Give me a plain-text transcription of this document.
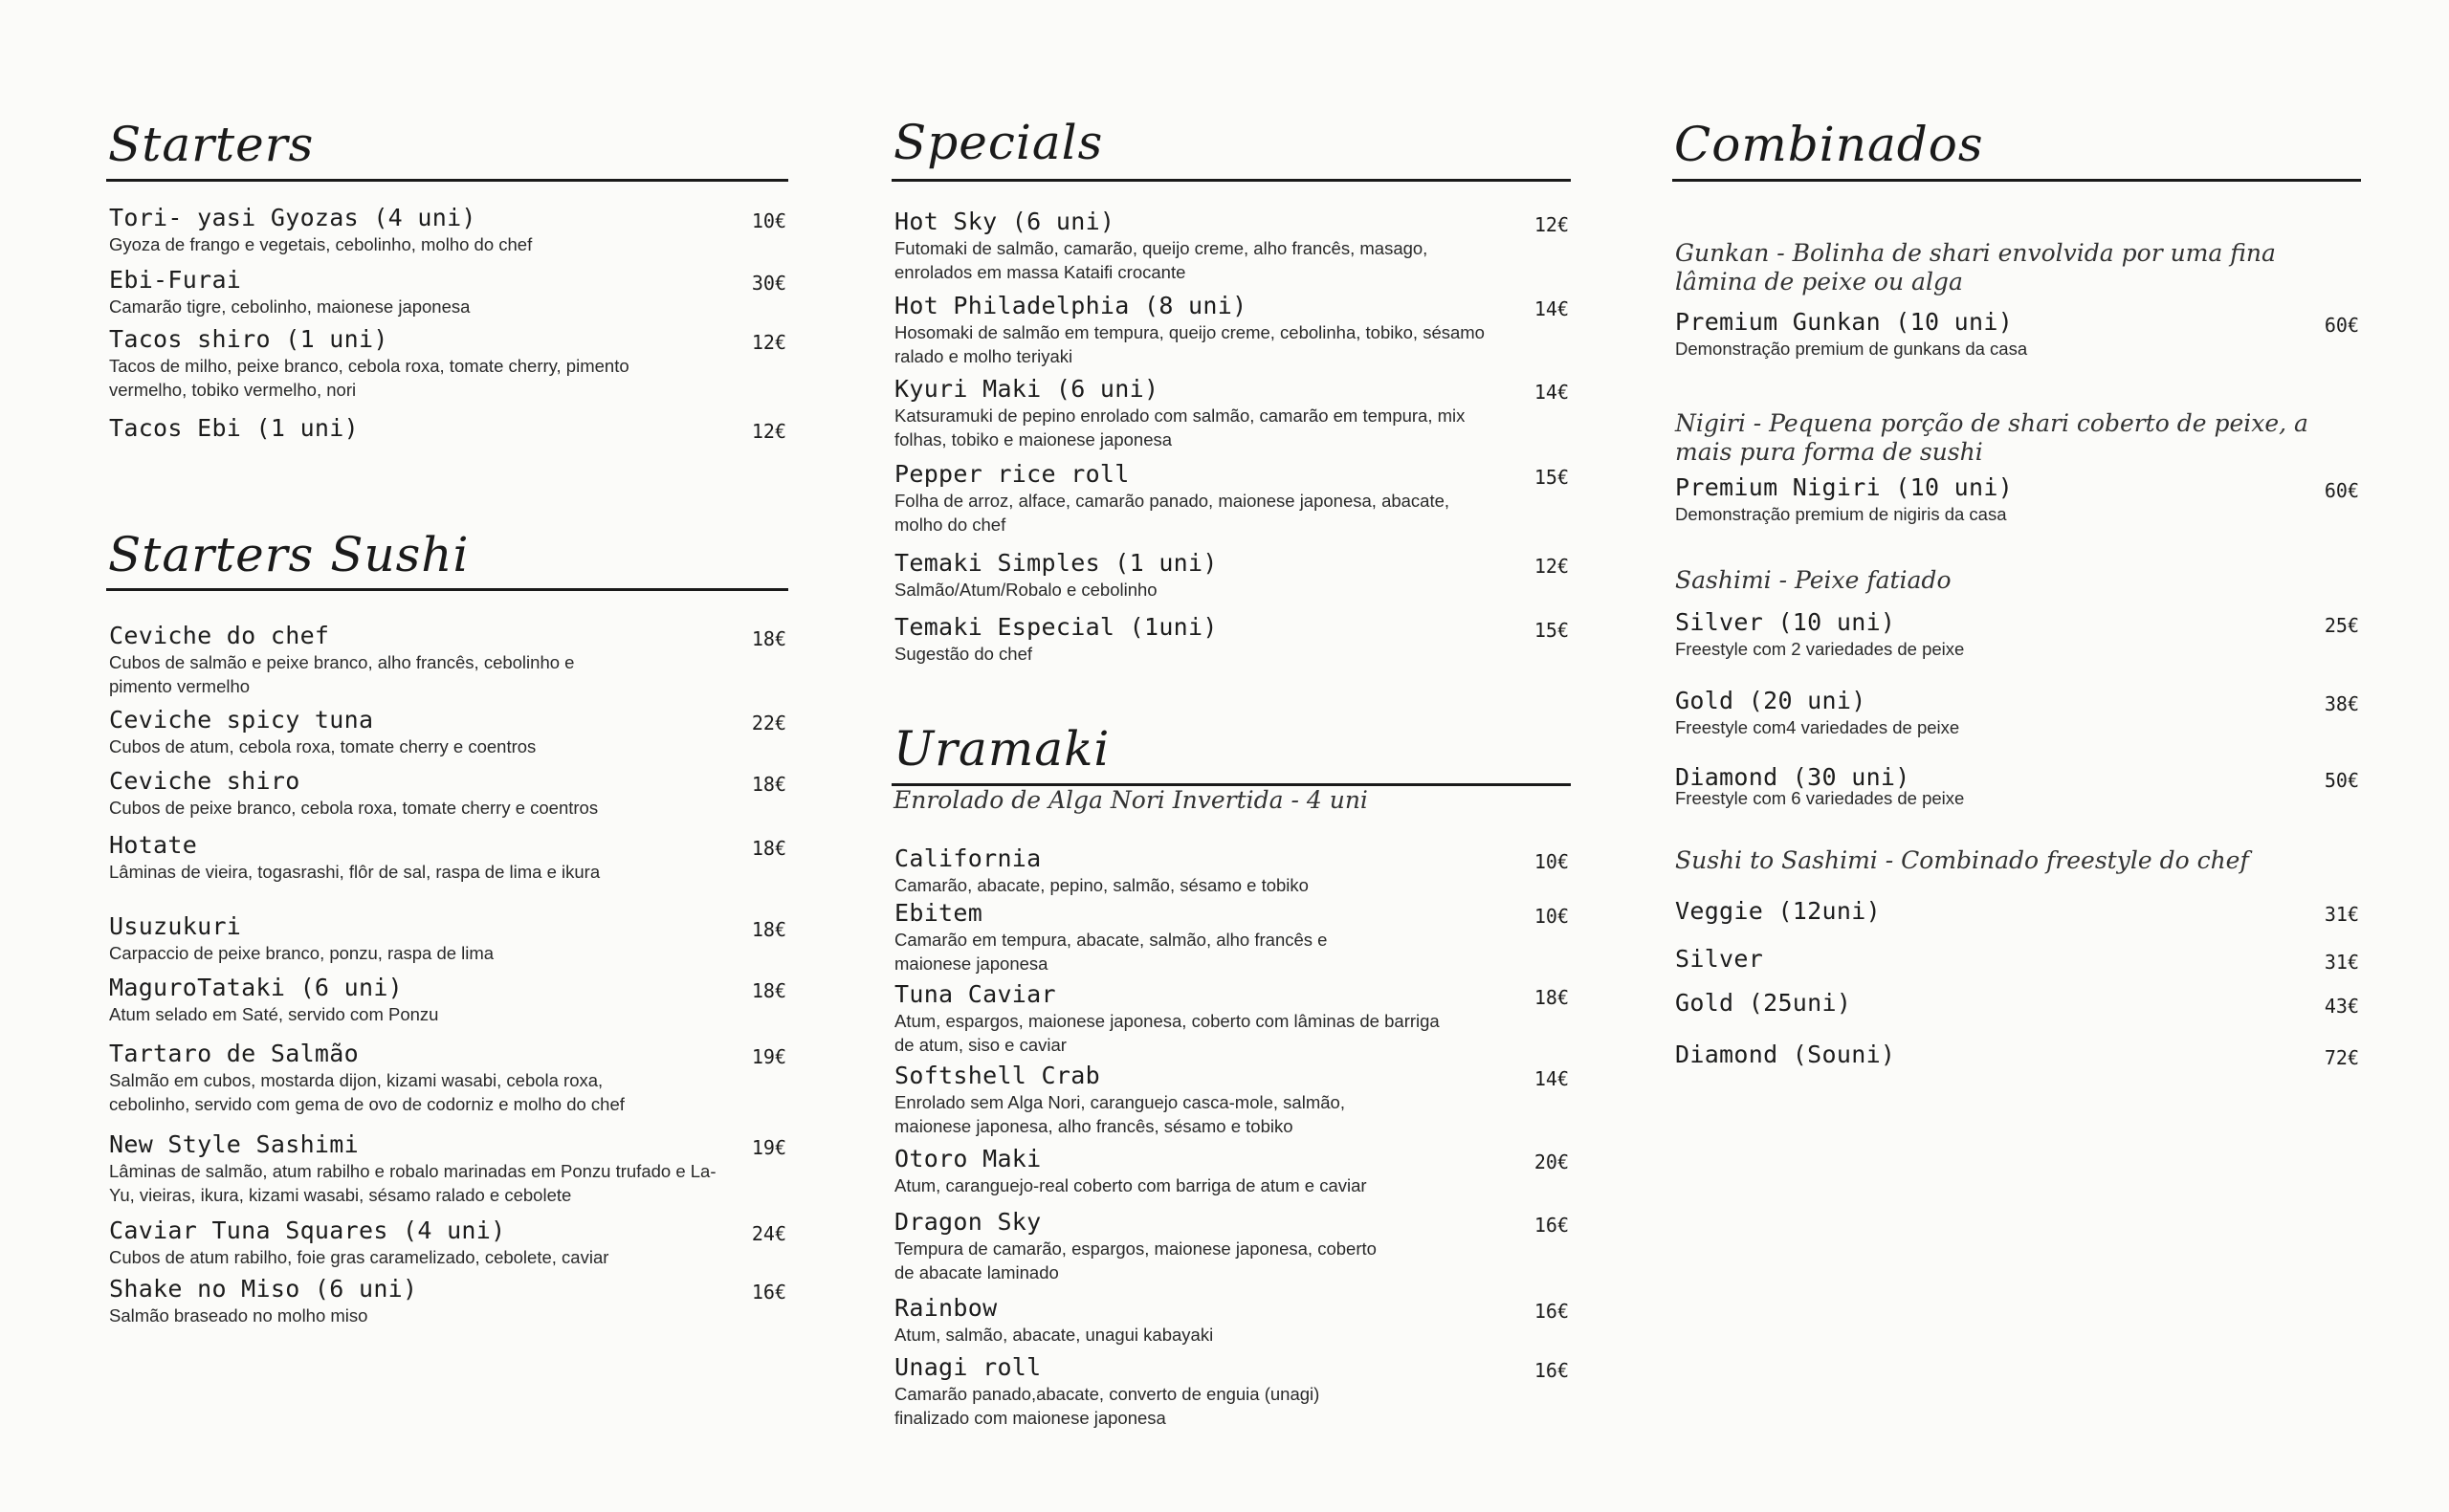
Starters
Tori- yasi Gyozas (4 uni)
Gyoza de frango e vegetais, cebolinho, molho do chef
10€
Ebi-Furai
Camarão tigre, cebolinho, maionese japonesa
30€
Tacos shiro (1 uni)
Tacos de milho, peixe branco, cebola roxa, tomate cherry, pimento vermelho, tobiko vermelho, nori
12€
Tacos Ebi (1 uni)	12€
Starters Sushi
Ceviche do chef
Cubos de salmão e peixe branco, alho francês, cebolinho e pimento vermelho
18€
Ceviche spicy tuna
Cubos de atum, cebola roxa, tomate cherry e coentros
22€
Ceviche shiro
Cubos de peixe branco, cebola roxa, tomate cherry e coentros
18€
Hotate
Lâminas de vieira, togasrashi, flôr de sal, raspa de lima e ikura
18€
Usuzukuri
Carpaccio de peixe branco, ponzu, raspa de lima
18€
MaguroTataki (6 uni)
Atum selado em Saté, servido com Ponzu
18€
Tartaro de Salmão
Salmão em cubos, mostarda dijon, kizami wasabi, cebola roxa, cebolinho, servido com gema de ovo de codorniz e molho do chef
19€
New Style Sashimi
Lâminas de salmão, atum rabilho e robalo marinadas em Ponzu trufado e La-Yu, vieiras, ikura, kizami wasabi, sésamo ralado e cebolete
19€
Caviar Tuna Squares (4 uni)
Cubos de atum rabilho, foie gras caramelizado, cebolete, caviar
24€
Shake no Miso (6 uni)
Salmão braseado no molho miso
16€
Specials
Hot Sky (6 uni)
Futomaki de salmão, camarão, queijo creme, alho francês, masago, enrolados em massa Kataifi crocante
12€
Hot Philadelphia (8 uni)
Hosomaki de salmão em tempura, queijo creme, cebolinha, tobiko, sésamo ralado e molho teriyaki
14€
Kyuri Maki (6 uni)
Katsuramuki de pepino enrolado com salmão, camarão em tempura, mix folhas, tobiko e maionese japonesa
14€
Pepper rice roll
Folha de arroz, alface, camarão panado, maionese japonesa, abacate, molho do chef
15€
Temaki Simples (1 uni)
Salmão/Atum/Robalo e cebolinho
12€
Temaki Especial (1uni)
Sugestão do chef
15€
Uramaki
Enrolado de Alga Nori Invertida - 4 uni
California
Camarão, abacate, pepino, salmão, sésamo e tobiko
10€
Ebitem
Camarão em tempura, abacate, salmão, alho francês e maionese japonesa
10€
Tuna Caviar
Atum, espargos, maionese japonesa, coberto com lâminas de barriga de atum, siso e caviar
18€
Softshell Crab
Enrolado sem Alga Nori, caranguejo casca-mole, salmão, maionese japonesa, alho francês, sésamo e tobiko
14€
Otoro Maki
Atum, caranguejo-real coberto com barriga de atum e caviar
20€
Dragon Sky
Tempura de camarão, espargos, maionese japonesa, coberto de abacate laminado
16€
Rainbow
Atum, salmão, abacate, unagui kabayaki
16€
Unagi roll
Camarão panado,abacate, converto de enguia (unagi) finalizado com maionese japonesa
16€
Combinados
Gunkan - Bolinha de shari envolvida por uma fina lâmina de peixe ou alga
Premium Gunkan (10 uni)
Demonstração premium de gunkans da casa
60€
Nigiri - Pequena porção de shari coberto de peixe, a mais pura forma de sushi
Premium Nigiri (10 uni)
Demonstração premium de nigiris da casa
60€
Sashimi - Peixe fatiado
Silver (10 uni)
Freestyle com 2 variedades de peixe
25€
Gold (20 uni)
Freestyle com4 variedades de peixe
38€
Diamond (30 uni)
Freestyle com 6 variedades de peixe
50€
Sushi to Sashimi - Combinado freestyle do chef
Veggie (12uni)	31€
Silver	31€
Gold (25uni)	43€
Diamond (Souni)	72€
